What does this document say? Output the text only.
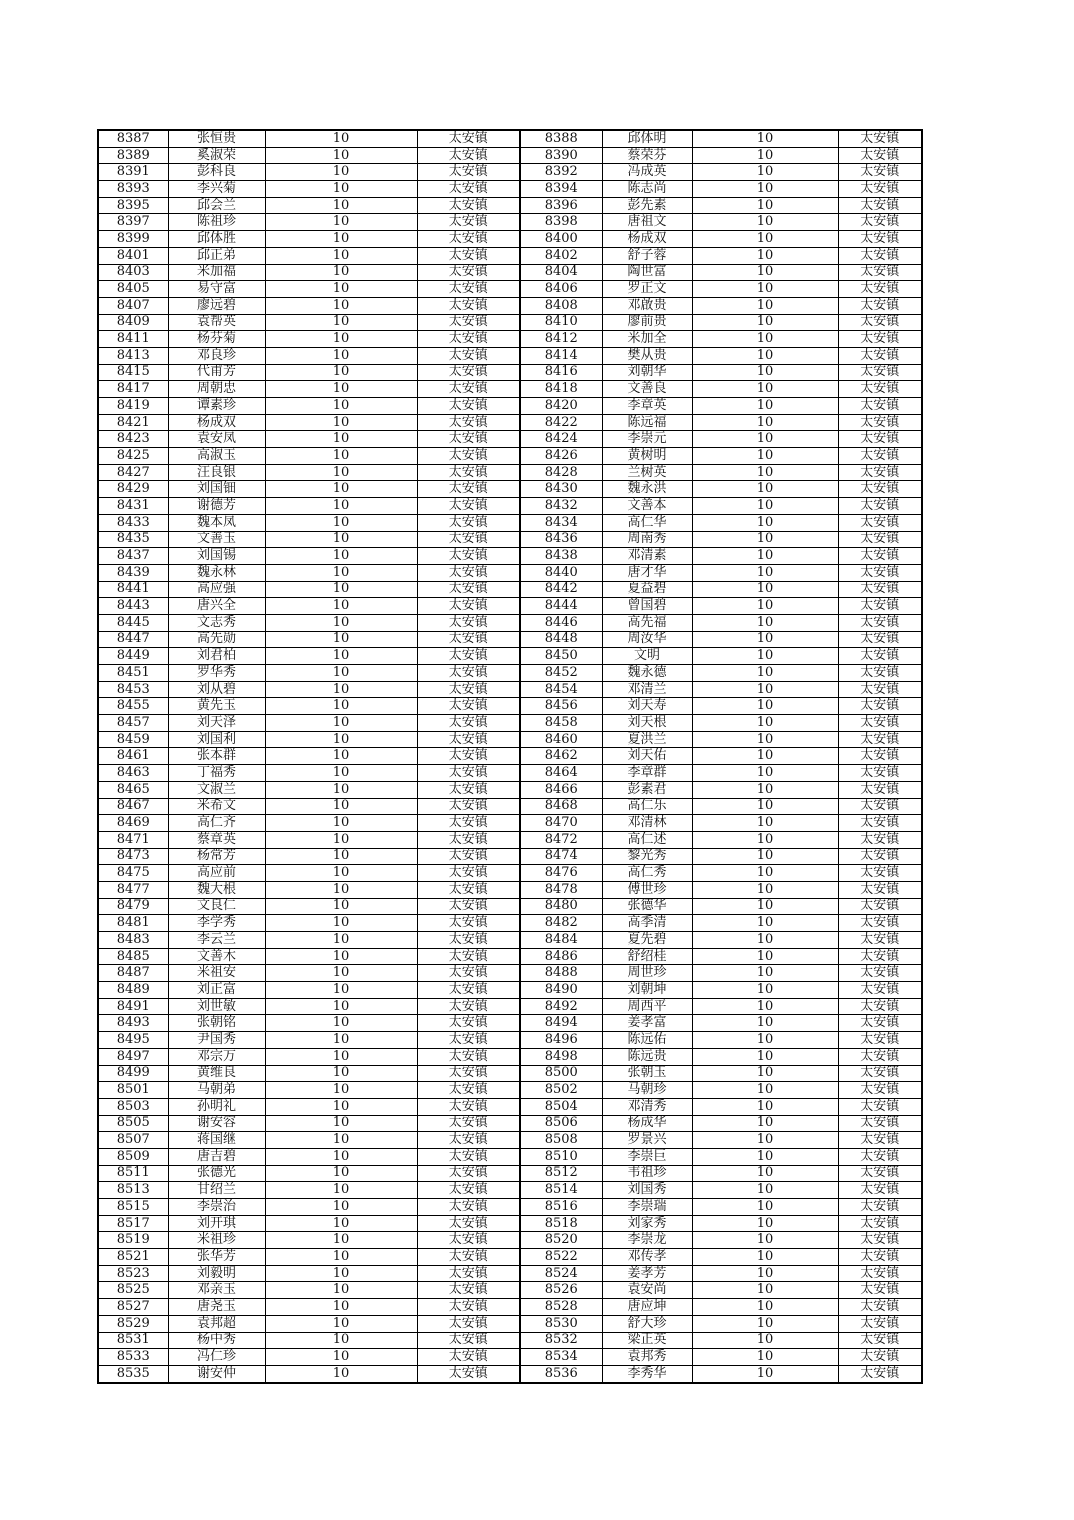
8387	张恒贵	10	太安镇	8388	邱体明	10	太安镇
8389	奚淑荣	10	太安镇	8390	蔡荣芬	10	太安镇
8391	彭科良	10	太安镇	8392	冯成英	10	太安镇
8393	李兴菊	10	太安镇	8394	陈志尚	10	太安镇
8395	邱会兰	10	太安镇	8396	彭先素	10	太安镇
8397	陈祖珍	10	太安镇	8398	唐祖文	10	太安镇
8399	邱体胜	10	太安镇	8400	杨成双	10	太安镇
8401	邱正弟	10	太安镇	8402	舒子蓉	10	太安镇
8403	米加福	10	太安镇	8404	陶世富	10	太安镇
8405	易守富	10	太安镇	8406	罗正文	10	太安镇
8407	廖远碧	10	太安镇	8408	邓啟贵	10	太安镇
8409	袁帮英	10	太安镇	8410	廖前贵	10	太安镇
8411	杨芬菊	10	太安镇	8412	米加全	10	太安镇
8413	邓良珍	10	太安镇	8414	樊从贵	10	太安镇
8415	代甫芳	10	太安镇	8416	刘朝华	10	太安镇
8417	周朝忠	10	太安镇	8418	文善良	10	太安镇
8419	谭素珍	10	太安镇	8420	李章英	10	太安镇
8421	杨成双	10	太安镇	8422	陈远福	10	太安镇
8423	袁安凤	10	太安镇	8424	李崇元	10	太安镇
8425	高淑玉	10	太安镇	8426	黄树明	10	太安镇
8427	汪良银	10	太安镇	8428	兰树英	10	太安镇
8429	刘国钿	10	太安镇	8430	魏永洪	10	太安镇
8431	谢德芳	10	太安镇	8432	文善本	10	太安镇
8433	魏本凤	10	太安镇	8434	高仁华	10	太安镇
8435	文善玉	10	太安镇	8436	周南秀	10	太安镇
8437	刘国锡	10	太安镇	8438	邓清素	10	太安镇
8439	魏永林	10	太安镇	8440	唐才华	10	太安镇
8441	高应强	10	太安镇	8442	夏益碧	10	太安镇
8443	唐兴全	10	太安镇	8444	曾国碧	10	太安镇
8445	文志秀	10	太安镇	8446	高先福	10	太安镇
8447	高先勋	10	太安镇	8448	周汝华	10	太安镇
8449	刘君柏	10	太安镇	8450	文明	10	太安镇
8451	罗华秀	10	太安镇	8452	魏永德	10	太安镇
8453	刘从碧	10	太安镇	8454	邓清兰	10	太安镇
8455	黄先玉	10	太安镇	8456	刘天寿	10	太安镇
8457	刘天泽	10	太安镇	8458	刘天根	10	太安镇
8459	刘国利	10	太安镇	8460	夏洪兰	10	太安镇
8461	张本群	10	太安镇	8462	刘天佑	10	太安镇
8463	丁福秀	10	太安镇	8464	李章群	10	太安镇
8465	文淑兰	10	太安镇	8466	彭素君	10	太安镇
8467	米希文	10	太安镇	8468	高仁乐	10	太安镇
8469	高仁齐	10	太安镇	8470	邓清林	10	太安镇
8471	蔡章英	10	太安镇	8472	高仁述	10	太安镇
8473	杨常芳	10	太安镇	8474	黎光秀	10	太安镇
8475	高应前	10	太安镇	8476	高仁秀	10	太安镇
8477	魏大根	10	太安镇	8478	傅世珍	10	太安镇
8479	文良仁	10	太安镇	8480	张德华	10	太安镇
8481	李学秀	10	太安镇	8482	高季清	10	太安镇
8483	李云兰	10	太安镇	8484	夏先碧	10	太安镇
8485	文善木	10	太安镇	8486	舒绍桂	10	太安镇
8487	米祖安	10	太安镇	8488	周世珍	10	太安镇
8489	刘正富	10	太安镇	8490	刘朝坤	10	太安镇
8491	刘世敏	10	太安镇	8492	周西平	10	太安镇
8493	张朝铭	10	太安镇	8494	姜孝富	10	太安镇
8495	尹国秀	10	太安镇	8496	陈远佑	10	太安镇
8497	邓宗万	10	太安镇	8498	陈远贵	10	太安镇
8499	黄维良	10	太安镇	8500	张朝玉	10	太安镇
8501	马朝弟	10	太安镇	8502	马朝珍	10	太安镇
8503	孙明礼	10	太安镇	8504	邓清秀	10	太安镇
8505	谢安容	10	太安镇	8506	杨成华	10	太安镇
8507	蒋国继	10	太安镇	8508	罗景兴	10	太安镇
8509	唐吉碧	10	太安镇	8510	李崇巨	10	太安镇
8511	张德光	10	太安镇	8512	韦祖珍	10	太安镇
8513	甘绍兰	10	太安镇	8514	刘国秀	10	太安镇
8515	李崇治	10	太安镇	8516	李崇瑞	10	太安镇
8517	刘开琪	10	太安镇	8518	刘家秀	10	太安镇
8519	米祖珍	10	太安镇	8520	李崇龙	10	太安镇
8521	张华芳	10	太安镇	8522	邓传孝	10	太安镇
8523	刘毅明	10	太安镇	8524	姜孝芳	10	太安镇
8525	邓亲玉	10	太安镇	8526	袁安尚	10	太安镇
8527	唐尧玉	10	太安镇	8528	唐应坤	10	太安镇
8529	袁邦超	10	太安镇	8530	舒大珍	10	太安镇
8531	杨中秀	10	太安镇	8532	梁正英	10	太安镇
8533	冯仁珍	10	太安镇	8534	袁邦秀	10	太安镇
8535	谢安仲	10	太安镇	8536	李秀华	10	太安镇
